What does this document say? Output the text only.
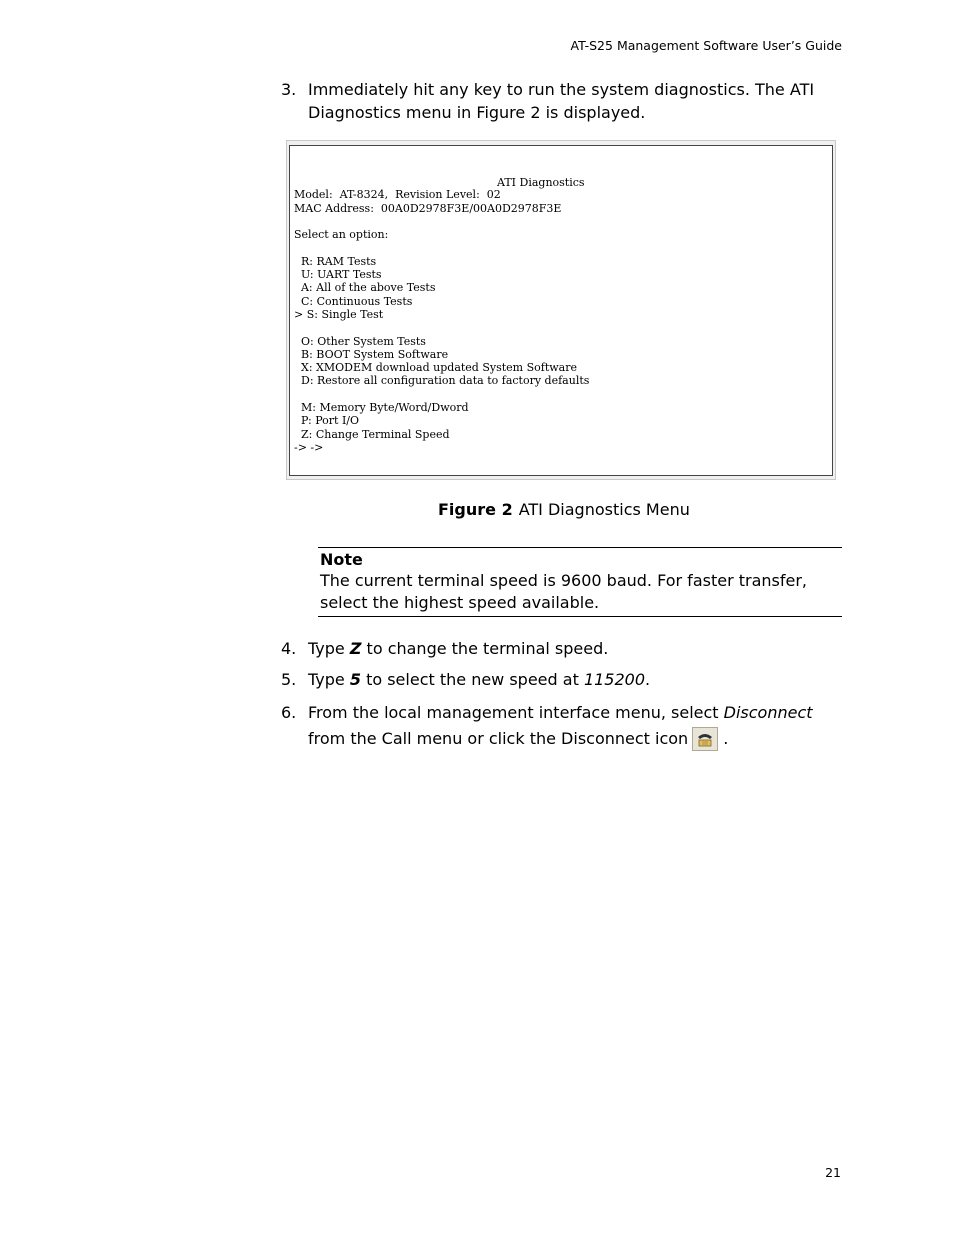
AT-S25 Management Software User’s Guide
3. Immediately hit any key to run the system diagnostics. The ATI Diagnostics menu in Figure 2 is displayed.
ATI Diagnostics

Model:  AT-8324,  Revision Level:  02
MAC Address:  00A0D2978F3E/00A0D2978F3E

Select an option:

R: RAM Tests
U: UART Tests
A: All of the above Tests
C: Continuous Tests
> S: Single Test

O: Other System Tests
B: BOOT System Software
X: XMODEM download updated System Software
D: Restore all configuration data to factory defaults

M: Memory Byte/Word/Dword
P: Port I/O
Z: Change Terminal Speed
-> ->
Figure 2 ATI Diagnostics Menu
Note
The current terminal speed is 9600 baud. For faster transfer, select the highest speed available.
4. Type Z to change the terminal speed.
5. Type 5 to select the new speed at 115200.
6. From the local management interface menu, select Disconnect from the Call menu or click the Disconnect icon .
21
